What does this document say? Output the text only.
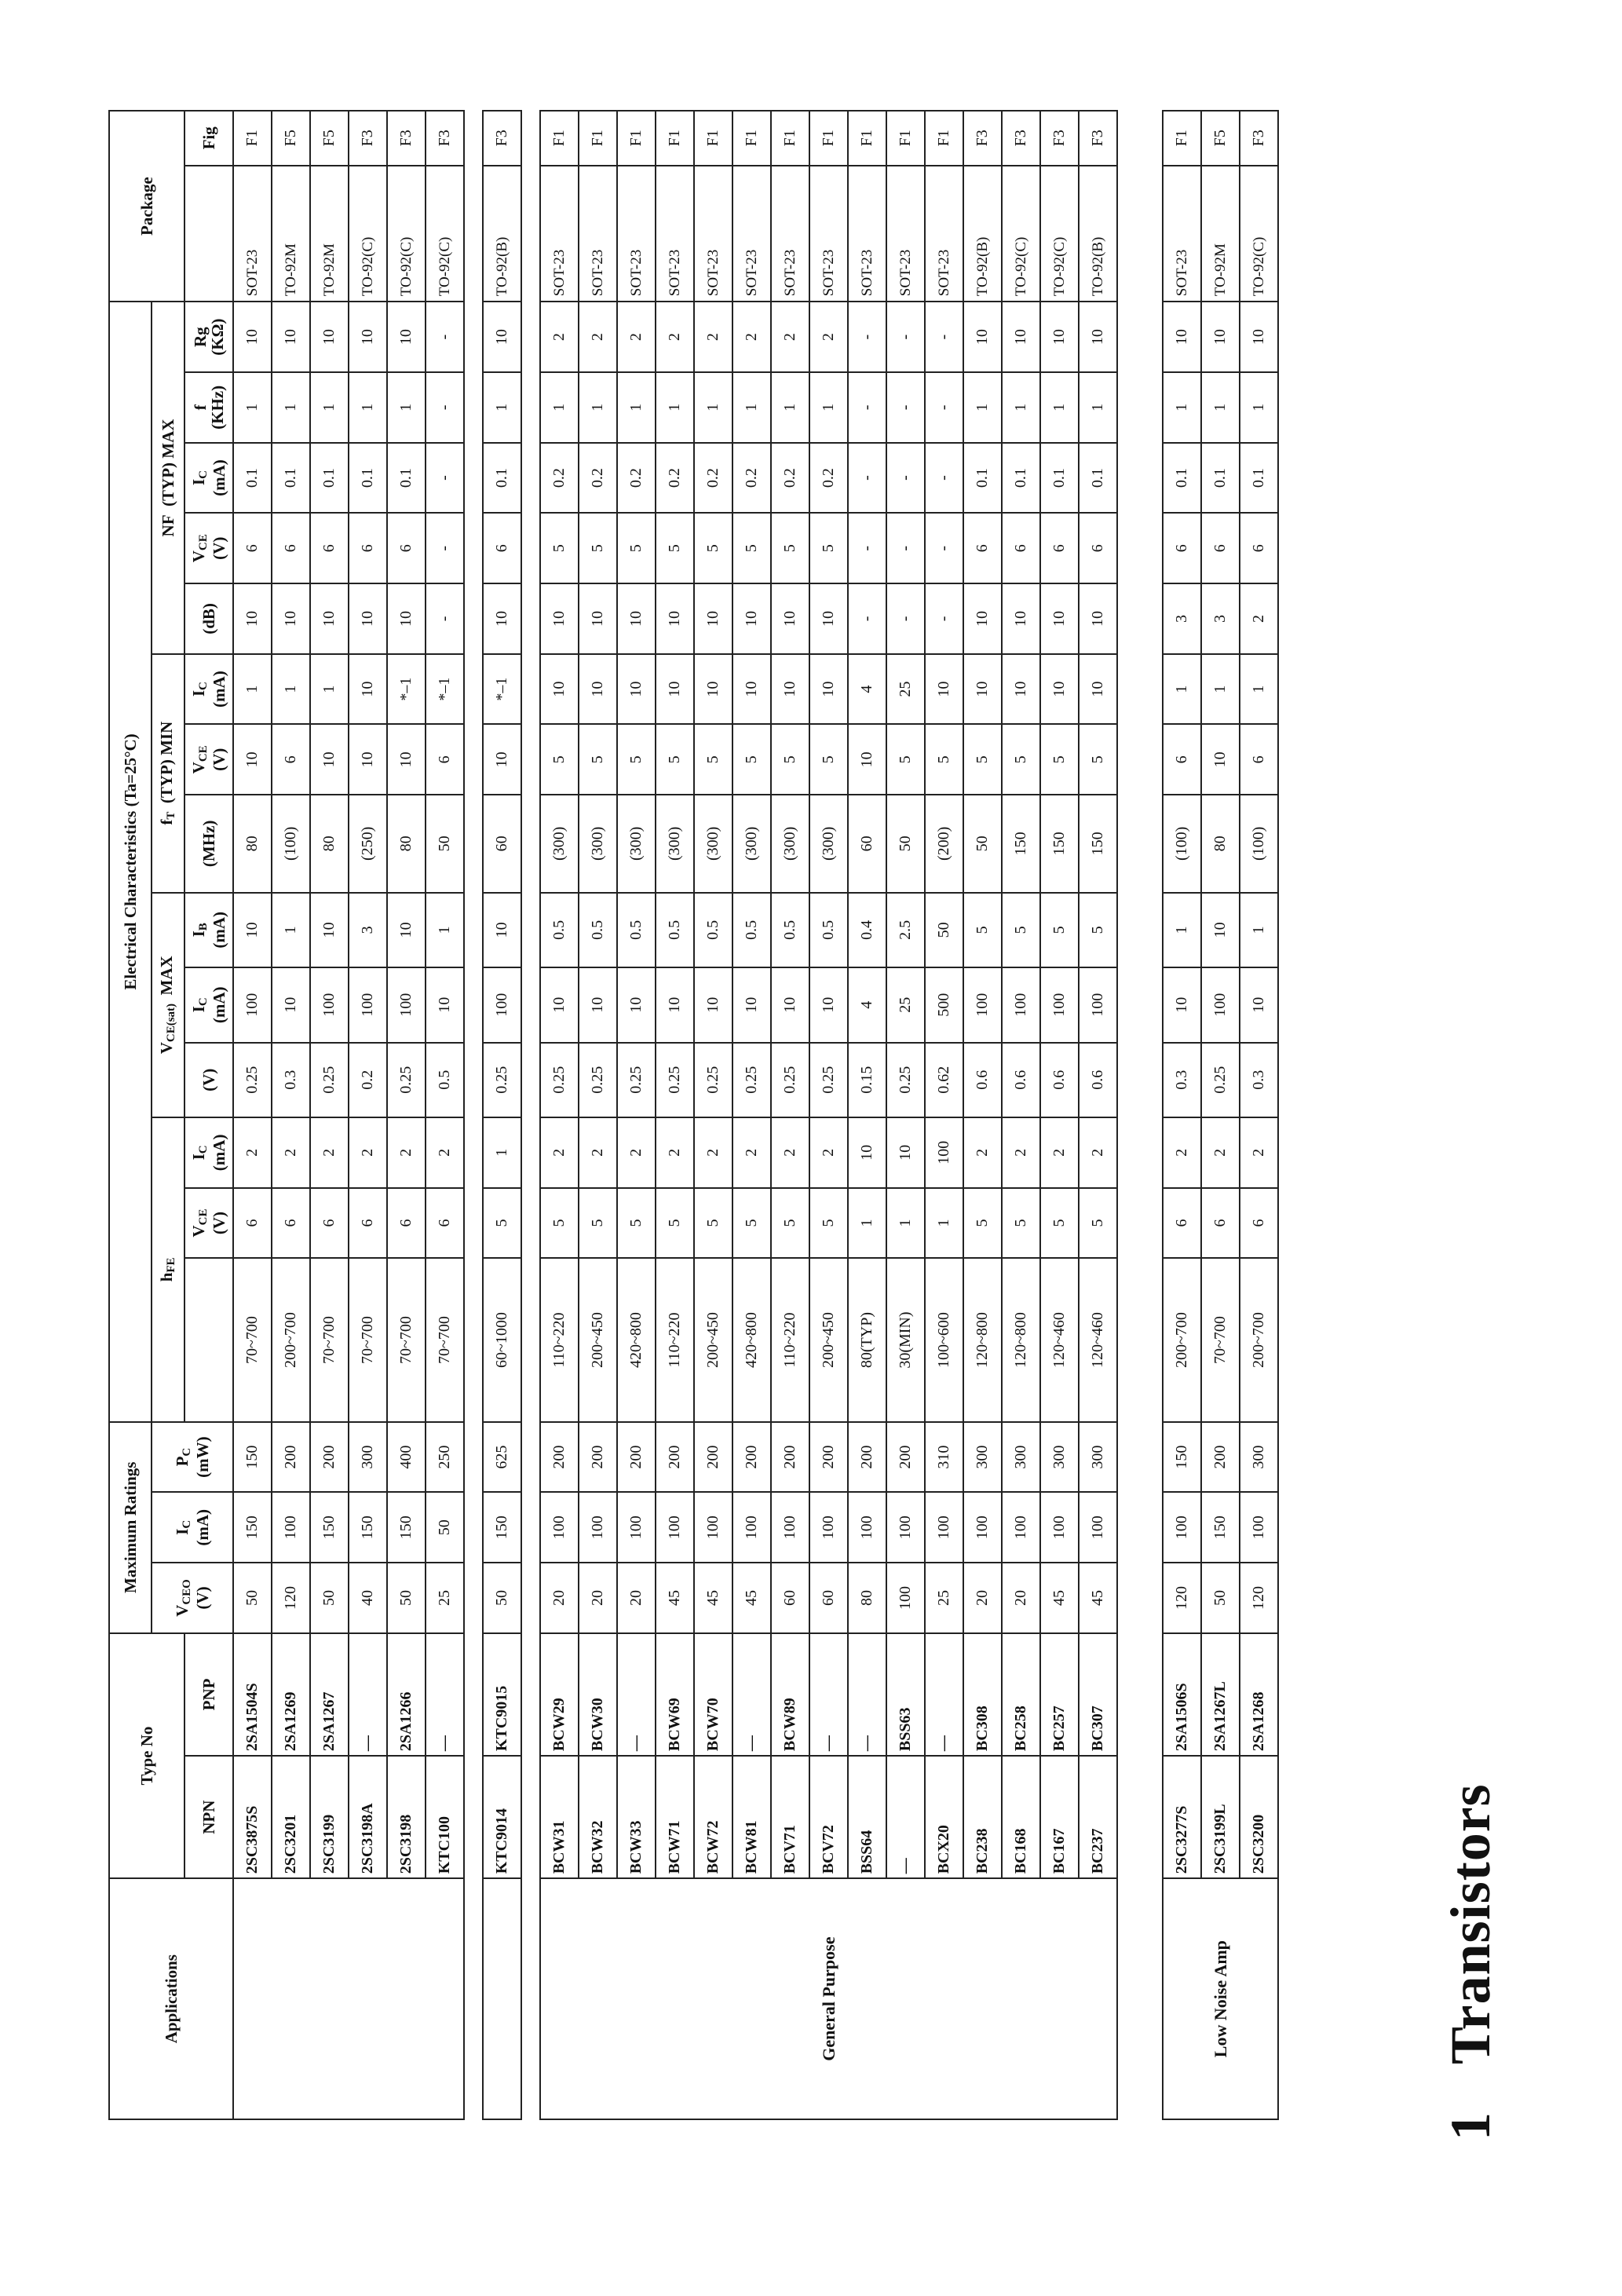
1Transistors
Applications	Type No		Maximum Ratings			Electrical Characteristics (Ta=25°C)														Package	
			$V_{CEO}$
(V)	$I_C$
(mA)	$P_C$
(mW)	$h_{FE}$			$V_{CE(sat)}$  MAX			$f_T$  (TYP) MIN			NF  (TYP) MAX						
	NPN	PNP					$V_{CE}$
(V)	$I_C$
(mA)	(V)	$I_C$
(mA)	$I_B$
(mA)	(MHz)	$V_{CE}$
(V)	$I_C$
(mA)	(dB)	$V_{CE}$
(V)	$I_C$
(mA)	f
(KHz)	Rg
(KΩ)		Fig
	2SC3875S	2SA1504S	50	150	150	70~700	6	2	0.25	100	10	80	10	1	10	6	0.1	1	10	SOT-23	F1
	2SC3201	2SA1269	120	100	200	200~700	6	2	0.3	10	1	(100)	6	1	10	6	0.1	1	10	TO-92M	F5
	2SC3199	2SA1267	50	150	200	70~700	6	2	0.25	100	10	80	10	1	10	6	0.1	1	10	TO-92M	F5
	2SC3198A	—	40	150	300	70~700	6	2	0.2	100	3	(250)	10	10	10	6	0.1	1	10	TO-92(C)	F3
	2SC3198	2SA1266	50	150	400	70~700	6	2	0.25	100	10	80	10	*–1	10	6	0.1	1	10	TO-92(C)	F3
	KTC100	—	25	50	250	70~700	6	2	0.5	10	1	50	6	*–1	-	-	-	-	-	TO-92(C)	F3

	KTC9014	KTC9015	50	150	625	60~1000	5	1	0.25	100	10	60	10	*–1	10	6	0.1	1	10	TO-92(B)	F3

General Purpose	BCW31	BCW29	20	100	200	110~220	5	2	0.25	10	0.5	(300)	5	10	10	5	0.2	1	2	SOT-23	F1
	BCW32	BCW30	20	100	200	200~450	5	2	0.25	10	0.5	(300)	5	10	10	5	0.2	1	2	SOT-23	F1
	BCW33	—	20	100	200	420~800	5	2	0.25	10	0.5	(300)	5	10	10	5	0.2	1	2	SOT-23	F1
	BCW71	BCW69	45	100	200	110~220	5	2	0.25	10	0.5	(300)	5	10	10	5	0.2	1	2	SOT-23	F1
	BCW72	BCW70	45	100	200	200~450	5	2	0.25	10	0.5	(300)	5	10	10	5	0.2	1	2	SOT-23	F1
	BCW81	—	45	100	200	420~800	5	2	0.25	10	0.5	(300)	5	10	10	5	0.2	1	2	SOT-23	F1
	BCV71	BCW89	60	100	200	110~220	5	2	0.25	10	0.5	(300)	5	10	10	5	0.2	1	2	SOT-23	F1
	BCV72	—	60	100	200	200~450	5	2	0.25	10	0.5	(300)	5	10	10	5	0.2	1	2	SOT-23	F1
	BSS64	—	80	100	200	80(TYP)	1	10	0.15	4	0.4	60	10	4	-	-	-	-	-	SOT-23	F1
	—	BSS63	100	100	200	30(MIN)	1	10	0.25	25	2.5	50	5	25	-	-	-	-	-	SOT-23	F1
	BCX20	—	25	100	310	100~600	1	100	0.62	500	50	(200)	5	10	-	-	-	-	-	SOT-23	F1
	BC238	BC308	20	100	300	120~800	5	2	0.6	100	5	50	5	10	10	6	0.1	1	10	TO-92(B)	F3
	BC168	BC258	20	100	300	120~800	5	2	0.6	100	5	150	5	10	10	6	0.1	1	10	TO-92(C)	F3
	BC167	BC257	45	100	300	120~460	5	2	0.6	100	5	150	5	10	10	6	0.1	1	10	TO-92(C)	F3
	BC237	BC307	45	100	300	120~460	5	2	0.6	100	5	150	5	10	10	6	0.1	1	10	TO-92(B)	F3

Low Noise Amp	2SC3277S	2SA1506S	120	100	150	200~700	6	2	0.3	10	1	(100)	6	1	3	6	0.1	1	10	SOT-23	F1
	2SC3199L	2SA1267L	50	150	200	70~700	6	2	0.25	100	10	80	10	1	3	6	0.1	1	10	TO-92M	F5
	2SC3200	2SA1268	120	100	300	200~700	6	2	0.3	10	1	(100)	6	1	2	6	0.1	1	10	TO-92(C)	F3
